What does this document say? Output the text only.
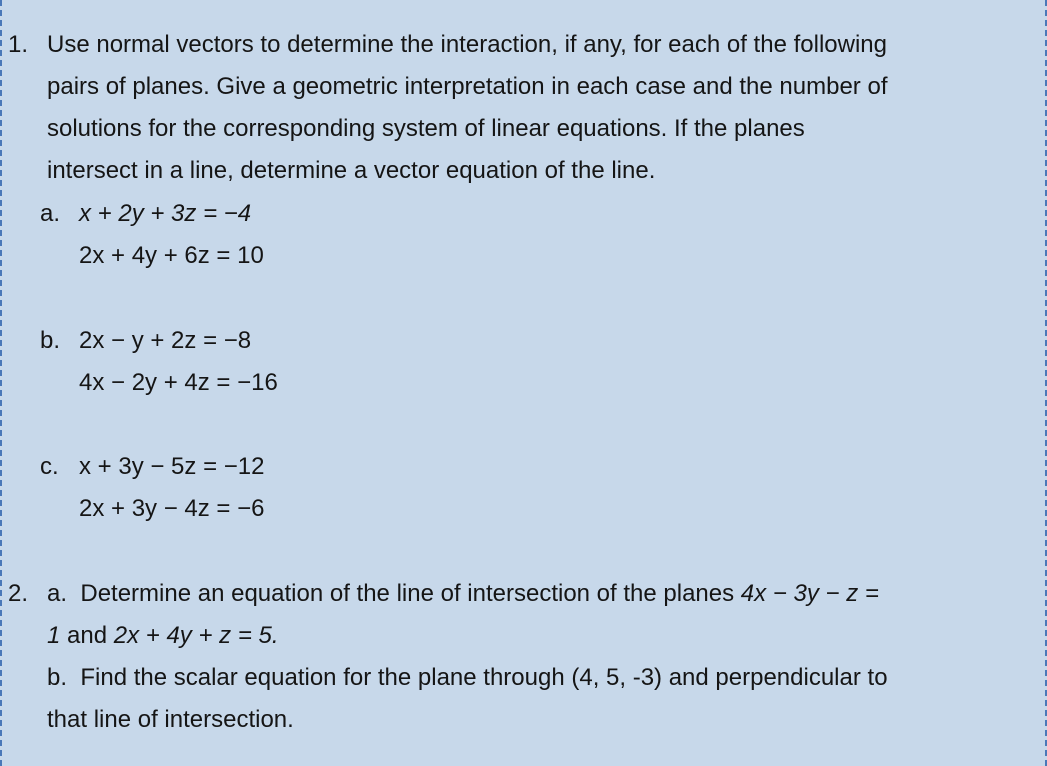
1. Use normal vectors to determine the interaction, if any, for each of the following
pairs of planes. Give a geometric interpretation in each case and the number of
solutions for the corresponding system of linear equations. If the planes
intersect in a line, determine a vector equation of the line.
a. x + 2y + 3z = −4
2x + 4y + 6z = 10
b. 2x − y + 2z = −8
4x − 2y + 4z = −16
c. x + 3y − 5z = −12
2x + 3y − 4z = −6
2. a. Determine an equation of the line of intersection of the planes 4x − 3y − z =
1 and 2x + 4y + z = 5.
b. Find the scalar equation for the plane through (4, 5, -3) and perpendicular to
that line of intersection.
